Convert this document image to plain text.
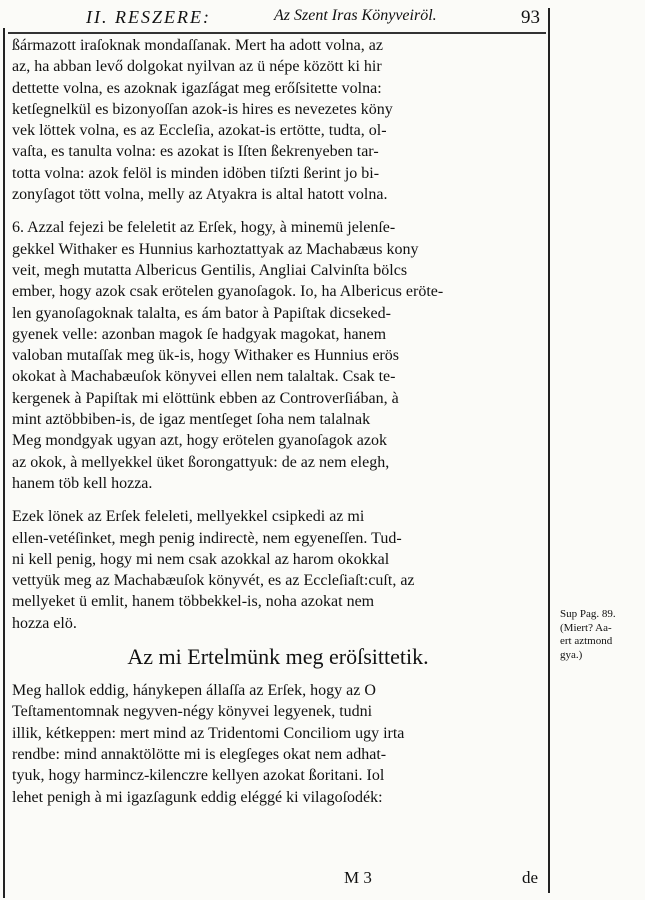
II. RESZERE:	Az Szent Iras Könyveiröl.	93
ßármazott iraſoknak mondaſſanak. Mert ha adott volna, az
az, ha abban levő dolgokat nyilvan az ü népe között ki hir
dettette volna, es azoknak igazſágat meg erőſsitette volna:
ketſegnelkül es bizonyoſſan azok-is hires es nevezetes köny
vek löttek volna, es az Eccleſia, azokat-is ertötte, tudta, ol-
vaſta, es tanulta volna: es azokat is Iſten ßekrenyeben tar-
totta volna: azok felöl is minden idöben tiſzti ßerint jo bi-
zonyſagot tött volna, melly az Atyakra is altal hatott volna.
6. Azzal fejezi be feleletit az Erſek, hogy, à minemü jelenſe-
gekkel Withaker es Hunnius karhoztattyak az Machabæus kony
veit, megh mutatta Albericus Gentilis, Angliai Calvinſta bölcs
ember, hogy azok csak erötelen gyanoſagok. Io, ha Albericus eröte-
len gyanoſagoknak talalta, es ám bator à Papiſtak dicseked-
gyenek velle: azonban magok ſe hadgyak magokat, hanem
valoban mutaſſak meg ük-is, hogy Withaker es Hunnius erös
okokat à Machabæuſok könyvei ellen nem talaltak. Csak te-
kergenek à Papiſtak mi elöttünk ebben az Controverſiában, à
mint aztöbbiben-is, de igaz mentſeget ſoha nem talalnak
Meg mondgyak ugyan azt, hogy erötelen gyanoſagok azok
az okok, à mellyekkel üket ßorongattyuk: de az nem elegh,
hanem töb kell hozza.
Ezek lönek az Erſek feleleti, mellyekkel csipkedi az mi
ellen-vetéſinket, megh penig indirectè, nem egyeneſſen. Tud-
ni kell penig, hogy mi nem csak azokkal az harom okokkal
vettyük meg az Machabæuſok könyvét, es az Eccleſiaſt:cuſt, az
mellyeket ü emlit, hanem többekkel-is, noha azokat nem
hozza elö.
Az mi Ertelmünk meg eröſsittetik.
Meg hallok eddig, hánykepen állaſſa az Erſek, hogy az O
Teſtamentomnak negyven-négy könyvei legyenek, tudni
illik, kétkeppen: mert mind az Tridentomi Conciliom ugy irta
rendbe: mind annaktölötte mi is elegſeges okat nem adhat-
tyuk, hogy harmincz-kilenczre kellyen azokat ßoritani. Iol
lehet penigh à mi igazſagunk eddig eléggé ki vilagoſodék:
Sup Pag. 89.
(Miert? Aa-
ert aztmond
gya.)
M 3	de
